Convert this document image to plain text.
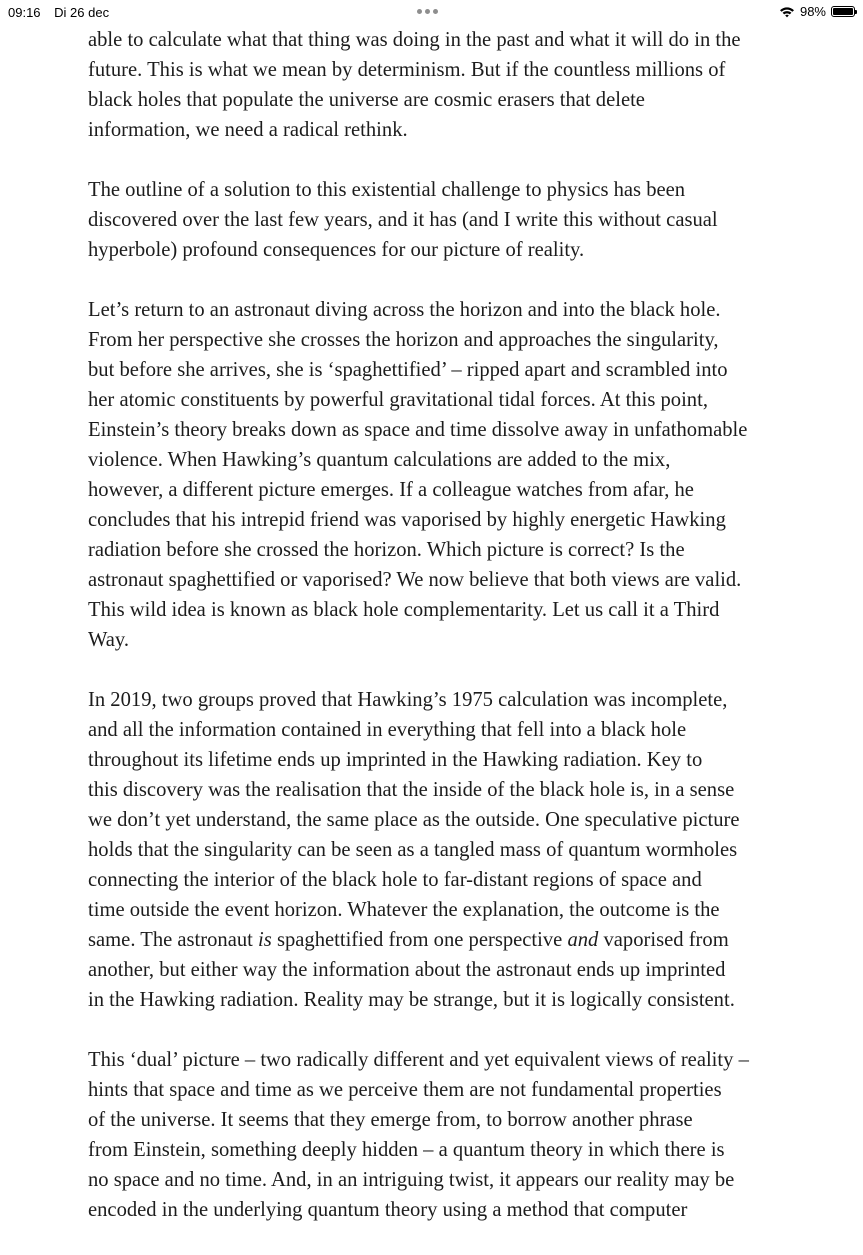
09:16 Di 26 dec	98%

able to calculate what that thing was doing in the past and what it will do in the
future. This is what we mean by determinism. But if the countless millions of
black holes that populate the universe are cosmic erasers that delete
information, we need a radical rethink.

The outline of a solution to this existential challenge to physics has been
discovered over the last few years, and it has (and I write this without casual
hyperbole) profound consequences for our picture of reality.

Let’s return to an astronaut diving across the horizon and into the black hole.
From her perspective she crosses the horizon and approaches the singularity,
but before she arrives, she is ‘spaghettified’ – ripped apart and scrambled into
her atomic constituents by powerful gravitational tidal forces. At this point,
Einstein’s theory breaks down as space and time dissolve away in unfathomable
violence. When Hawking’s quantum calculations are added to the mix,
however, a different picture emerges. If a colleague watches from afar, he
concludes that his intrepid friend was vaporised by highly energetic Hawking
radiation before she crossed the horizon. Which picture is correct? Is the
astronaut spaghettified or vaporised? We now believe that both views are valid.
This wild idea is known as black hole complementarity. Let us call it a Third
Way.

In 2019, two groups proved that Hawking’s 1975 calculation was incomplete,
and all the information contained in everything that fell into a black hole
throughout its lifetime ends up imprinted in the Hawking radiation. Key to
this discovery was the realisation that the inside of the black hole is, in a sense
we don’t yet understand, the same place as the outside. One speculative picture
holds that the singularity can be seen as a tangled mass of quantum wormholes
connecting the interior of the black hole to far-distant regions of space and
time outside the event horizon. Whatever the explanation, the outcome is the
same. The astronaut is spaghettified from one perspective and vaporised from
another, but either way the information about the astronaut ends up imprinted
in the Hawking radiation. Reality may be strange, but it is logically consistent.

This ‘dual’ picture – two radically different and yet equivalent views of reality –
hints that space and time as we perceive them are not fundamental properties
of the universe. It seems that they emerge from, to borrow another phrase
from Einstein, something deeply hidden – a quantum theory in which there is
no space and no time. And, in an intriguing twist, it appears our reality may be
encoded in the underlying quantum theory using a method that computer
